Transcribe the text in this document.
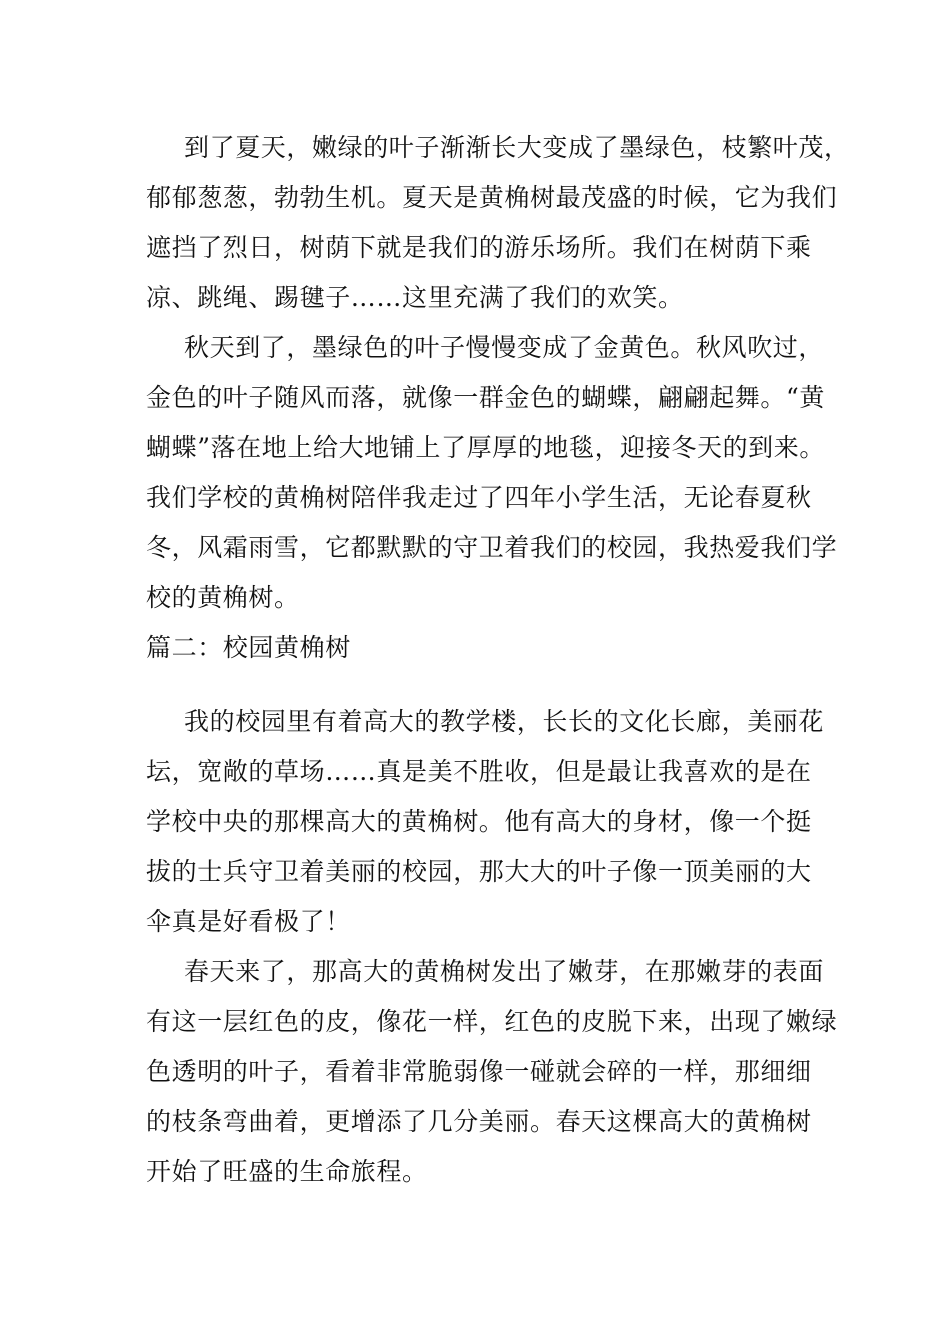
到了夏天，嫩绿的叶子渐渐长大变成了墨绿色，枝繁叶茂，
郁郁葱葱，勃勃生机。夏天是黄桷树最茂盛的时候，它为我们
遮挡了烈日，树荫下就是我们的游乐场所。我们在树荫下乘
凉、跳绳、踢毽子……这里充满了我们的欢笑。
秋天到了，墨绿色的叶子慢慢变成了金黄色。秋风吹过，
金色的叶子随风而落，就像一群金色的蝴蝶，翩翩起舞。“黄
蝴蝶”落在地上给大地铺上了厚厚的地毯，迎接冬天的到来。
我们学校的黄桷树陪伴我走过了四年小学生活，无论春夏秋
冬，风霜雨雪，它都默默的守卫着我们的校园，我热爱我们学
校的黄桷树。
篇二：校园黄桷树
我的校园里有着高大的教学楼，长长的文化长廊，美丽花
坛，宽敞的草场……真是美不胜收，但是最让我喜欢的是在
学校中央的那棵高大的黄桷树。他有高大的身材，像一个挺
拔的士兵守卫着美丽的校园，那大大的叶子像一顶美丽的大
伞真是好看极了！
春天来了，那高大的黄桷树发出了嫩芽，在那嫩芽的表面
有这一层红色的皮，像花一样，红色的皮脱下来，出现了嫩绿
色透明的叶子，看着非常脆弱像一碰就会碎的一样，那细细
的枝条弯曲着，更增添了几分美丽。春天这棵高大的黄桷树
开始了旺盛的生命旅程。
